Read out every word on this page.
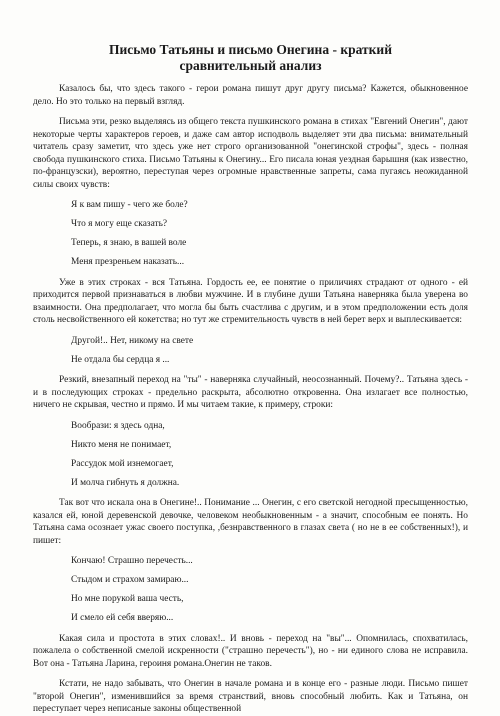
Письмо Татьяны и письмо Онегина - краткий сравнительный анализ

Казалось бы, что здесь такого - герои романа пишут друг другу письма? Кажется, обыкновенное дело. Но это только на первый взгляд.

Письма эти, резко выделяясь из общего текста пушкинского романа в стихах "Евгений Онегин", дают некоторые черты характеров героев, и даже сам автор исподволь выделяет эти два письма: внимательный читатель сразу заметит, что здесь уже нет строго организованной "онегинской строфы", здесь - полная свобода пушкинского стиха. Письмо Татьяны к Онегину... Его писала юная уездная барышня (как известно, по-французски), вероятно, переступая через огромные нравственные запреты, сама пугаясь неожиданной силы своих чувств:

Я к вам пишу - чего же боле?

Что я могу еще сказать?

Теперь, я знаю, в вашей воле

Меня презреньем наказать...

Уже в этих строках - вся Татьяна. Гордость ее, ее понятие о приличиях страдают от одного - ей приходится первой признаваться в любви мужчине. И в глубине души Татьяна наверняка была уверена во взаимности. Она предполагает, что могла бы быть счастлива с другим, и в этом предположении есть доля столь несвойственного ей кокетства; но тут же стремительность чувств в ней берет верх и выплескивается:

Другой!.. Нет, никому на свете

Не отдала бы сердца я ...

Резкий, внезапный переход на "ты" - наверняка случайный, неосознанный. Почему?.. Татьяна здесь - и в последующих строках - предельно раскрыта, абсолютно откровенна. Она излагает все полностью, ничего не скрывая, честно и прямо. И мы читаем такие, к примеру, строки:

Вообрази: я здесь одна,

Никто меня не понимает,

Рассудок мой изнемогает,

И молча гибнуть я должна.

Так вот что искала она в Онегине!.. Понимание ... Онегин, с его светской негодной пресыщенностью, казался ей, юной деревенской девочке, человеком необыкновенным - а значит, способным ее понять. Но Татьяна сама осознает ужас своего поступка, ,безнравственного в глазах света ( но не в ее собственных!), и пишет:

Кончаю! Страшно перечесть...

Стыдом и страхом замираю...

Но мне порукой ваша честь,

И смело ей себя вверяю...

Какая сила и простота в этих словах!.. И вновь - переход на "вы"... Опомнилась, спохватилась, пожалела о собственной смелой искренности ("страшно перечесть"), но - ни единого слова не исправила. Вот она - Татьяна Ларина, героиня романа.Онегин не таков.

Кстати, не надо забывать, что Онегин в начале романа и в конце его - разные люди. Письмо пишет "второй Онегин", изменившийся за время странствий, вновь способный любить. Как и Татьяна, он переступает через неписаные законы общественной
